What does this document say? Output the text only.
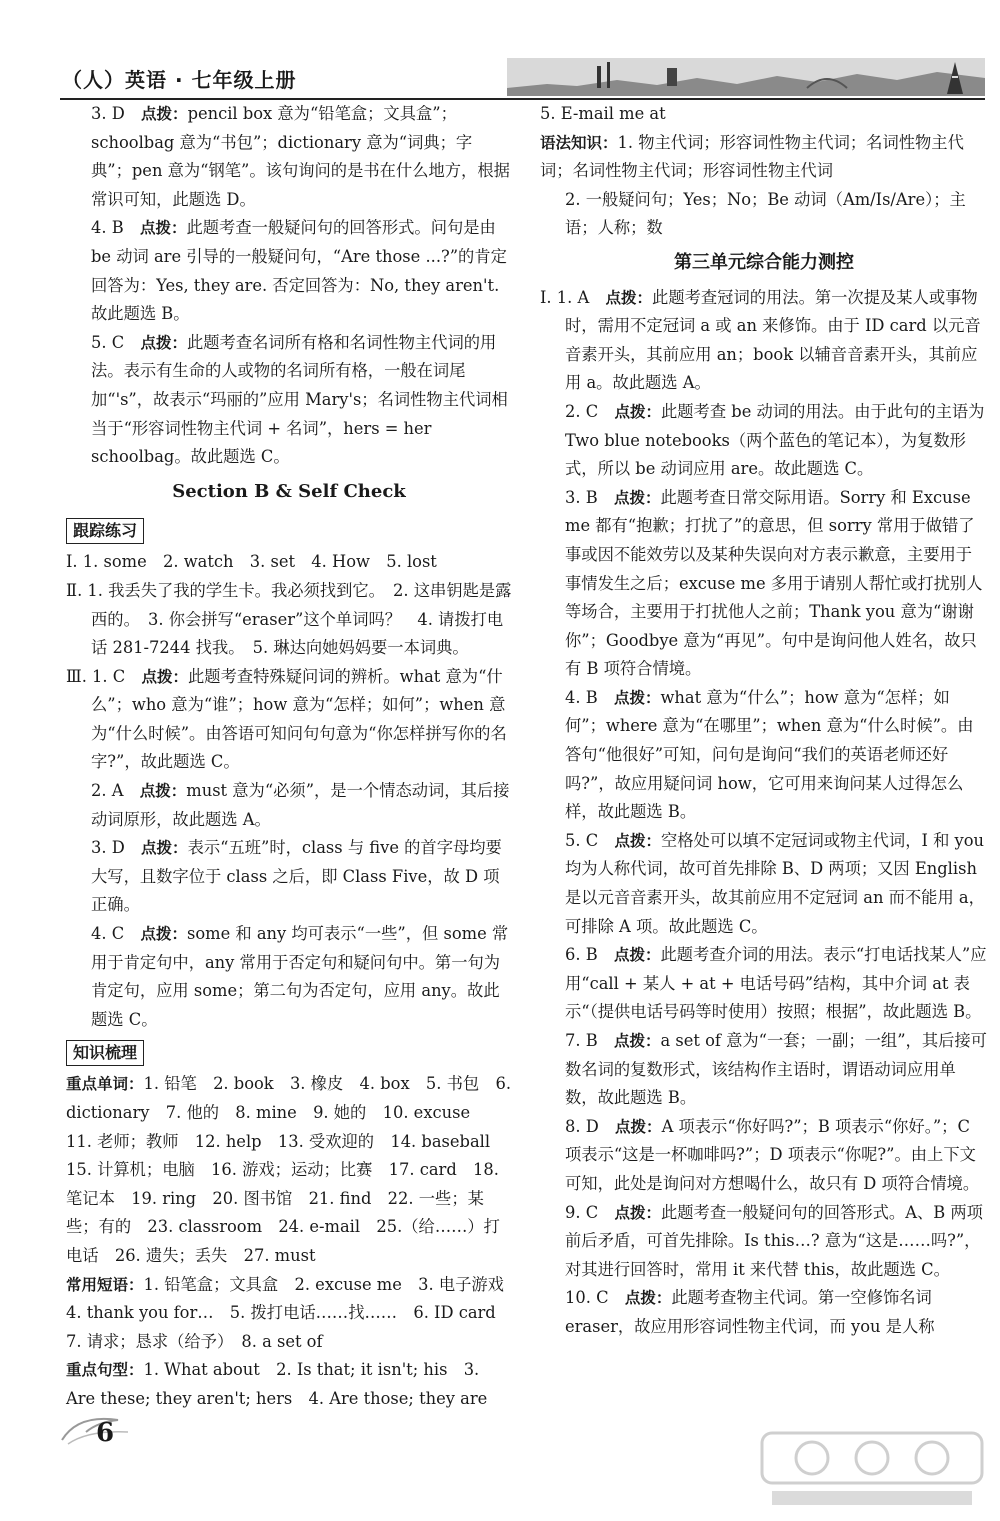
（人）英语 · 七年级上册

3. D　点拨：pencil box 意为“铅笔盒；文具盒”；schoolbag 意为“书包”；dictionary 意为“词典；字典”；pen 意为“钢笔”。该句询问的是书在什么地方，根据常识可知，此题选 D。

4. B　点拨：此题考查一般疑问句的回答形式。问句是由 be 动词 are 引导的一般疑问句，“Are those ...?”的肯定回答为：Yes, they are. 否定回答为：No, they aren't. 故此题选 B。

5. C　点拨：此题考查名词所有格和名词性物主代词的用法。表示有生命的人或物的名词所有格，一般在词尾加“'s”，故表示“玛丽的”应用 Mary's；名词性物主代词相当于“形容词性物主代词 + 名词”，hers = her schoolbag。故此题选 C。

Section B & Self Check

跟踪练习

Ⅰ. 1. some　2. watch　3. set　4. How　5. lost

Ⅱ. 1. 我丢失了我的学生卡。我必须找到它。　2. 这串钥匙是露西的。　3. 你会拼写“eraser”这个单词吗？　4. 请拨打电话 281-7244 找我。　5. 琳达向她妈妈要一本词典。

Ⅲ. 1. C　点拨：此题考查特殊疑问词的辨析。what 意为“什么”；who 意为“谁”；how 意为“怎样；如何”；when 意为“什么时候”。由答语可知问句句意为“你怎样拼写你的名字?”，故此题选 C。

2. A　点拨：must 意为“必须”，是一个情态动词，其后接动词原形，故此题选 A。

3. D　点拨：表示“五班”时，class 与 five 的首字母均要大写，且数字位于 class 之后，即 Class Five，故 D 项正确。

4. C　点拨：some 和 any 均可表示“一些”，但 some 常用于肯定句中，any 常用于否定句和疑问句中。第一句为肯定句，应用 some；第二句为否定句，应用 any。故此题选 C。

知识梳理

重点单词：1. 铅笔　2. book　3. 橡皮　4. box　5. 书包　6. dictionary　7. 他的　8. mine　9. 她的　10. excuse　11. 老师；教师　12. help　13. 受欢迎的　14. baseball　15. 计算机；电脑　16. 游戏；运动；比赛　17. card　18. 笔记本　19. ring　20. 图书馆　21. find　22. 一些；某些；有的　23. classroom　24. e-mail　25.（给……）打电话　26. 遗失；丢失　27. must

常用短语：1. 铅笔盒；文具盒　2. excuse me　3. 电子游戏　4. thank you for…　5. 拨打电话……找……　6. ID card　7. 请求；恳求（给予）　8. a set of

重点句型：1. What about　2. Is that; it isn't; his　3. Are these; they aren't; hers　4. Are those; they are

5. E-mail me at

语法知识：1. 物主代词；形容词性物主代词；名词性物主代词；名词性物主代词；形容词性物主代词

2. 一般疑问句；Yes；No；Be 动词（Am/Is/Are）；主语；人称；数

第三单元综合能力测控

Ⅰ. 1. A　点拨：此题考查冠词的用法。第一次提及某人或事物时，需用不定冠词 a 或 an 来修饰。由于 ID card 以元音音素开头，其前应用 an；book 以辅音音素开头，其前应用 a。故此题选 A。

2. C　点拨：此题考查 be 动词的用法。由于此句的主语为 Two blue notebooks（两个蓝色的笔记本），为复数形式，所以 be 动词应用 are。故此题选 C。

3. B　点拨：此题考查日常交际用语。Sorry 和 Excuse me 都有“抱歉；打扰了”的意思，但 sorry 常用于做错了事或因不能效劳以及某种失误向对方表示歉意，主要用于事情发生之后；excuse me 多用于请别人帮忙或打扰别人等场合，主要用于打扰他人之前；Thank you 意为“谢谢你”；Goodbye 意为“再见”。句中是询问他人姓名，故只有 B 项符合情境。

4. B　点拨：what 意为“什么”；how 意为“怎样；如何”；where 意为“在哪里”；when 意为“什么时候”。由答句“他很好”可知，问句是询问“我们的英语老师还好吗?”，故应用疑问词 how，它可用来询问某人过得怎么样，故此题选 B。

5. C　点拨：空格处可以填不定冠词或物主代词，I 和 you 均为人称代词，故可首先排除 B、D 两项；又因 English 是以元音音素开头，故其前应用不定冠词 an 而不能用 a，可排除 A 项。故此题选 C。

6. B　点拨：此题考查介词的用法。表示“打电话找某人”应用“call + 某人 + at + 电话号码”结构，其中介词 at 表示“（提供电话号码等时使用）按照；根据”，故此题选 B。

7. B　点拨：a set of 意为“一套；一副；一组”，其后接可数名词的复数形式，该结构作主语时，谓语动词应用单数，故此题选 B。

8. D　点拨：A 项表示“你好吗?”；B 项表示“你好。”；C 项表示“这是一杯咖啡吗?”；D 项表示“你呢?”。由上下文可知，此处是询问对方想喝什么，故只有 D 项符合情境。

9. C　点拨：此题考查一般疑问句的回答形式。A、B 两项前后矛盾，可首先排除。Is this…? 意为“这是……吗?”，对其进行回答时，常用 it 来代替 this，故此题选 C。

10. C　点拨：此题考查物主代词。第一空修饰名词 eraser，故应用形容词性物主代词，而 you 是人称

6
